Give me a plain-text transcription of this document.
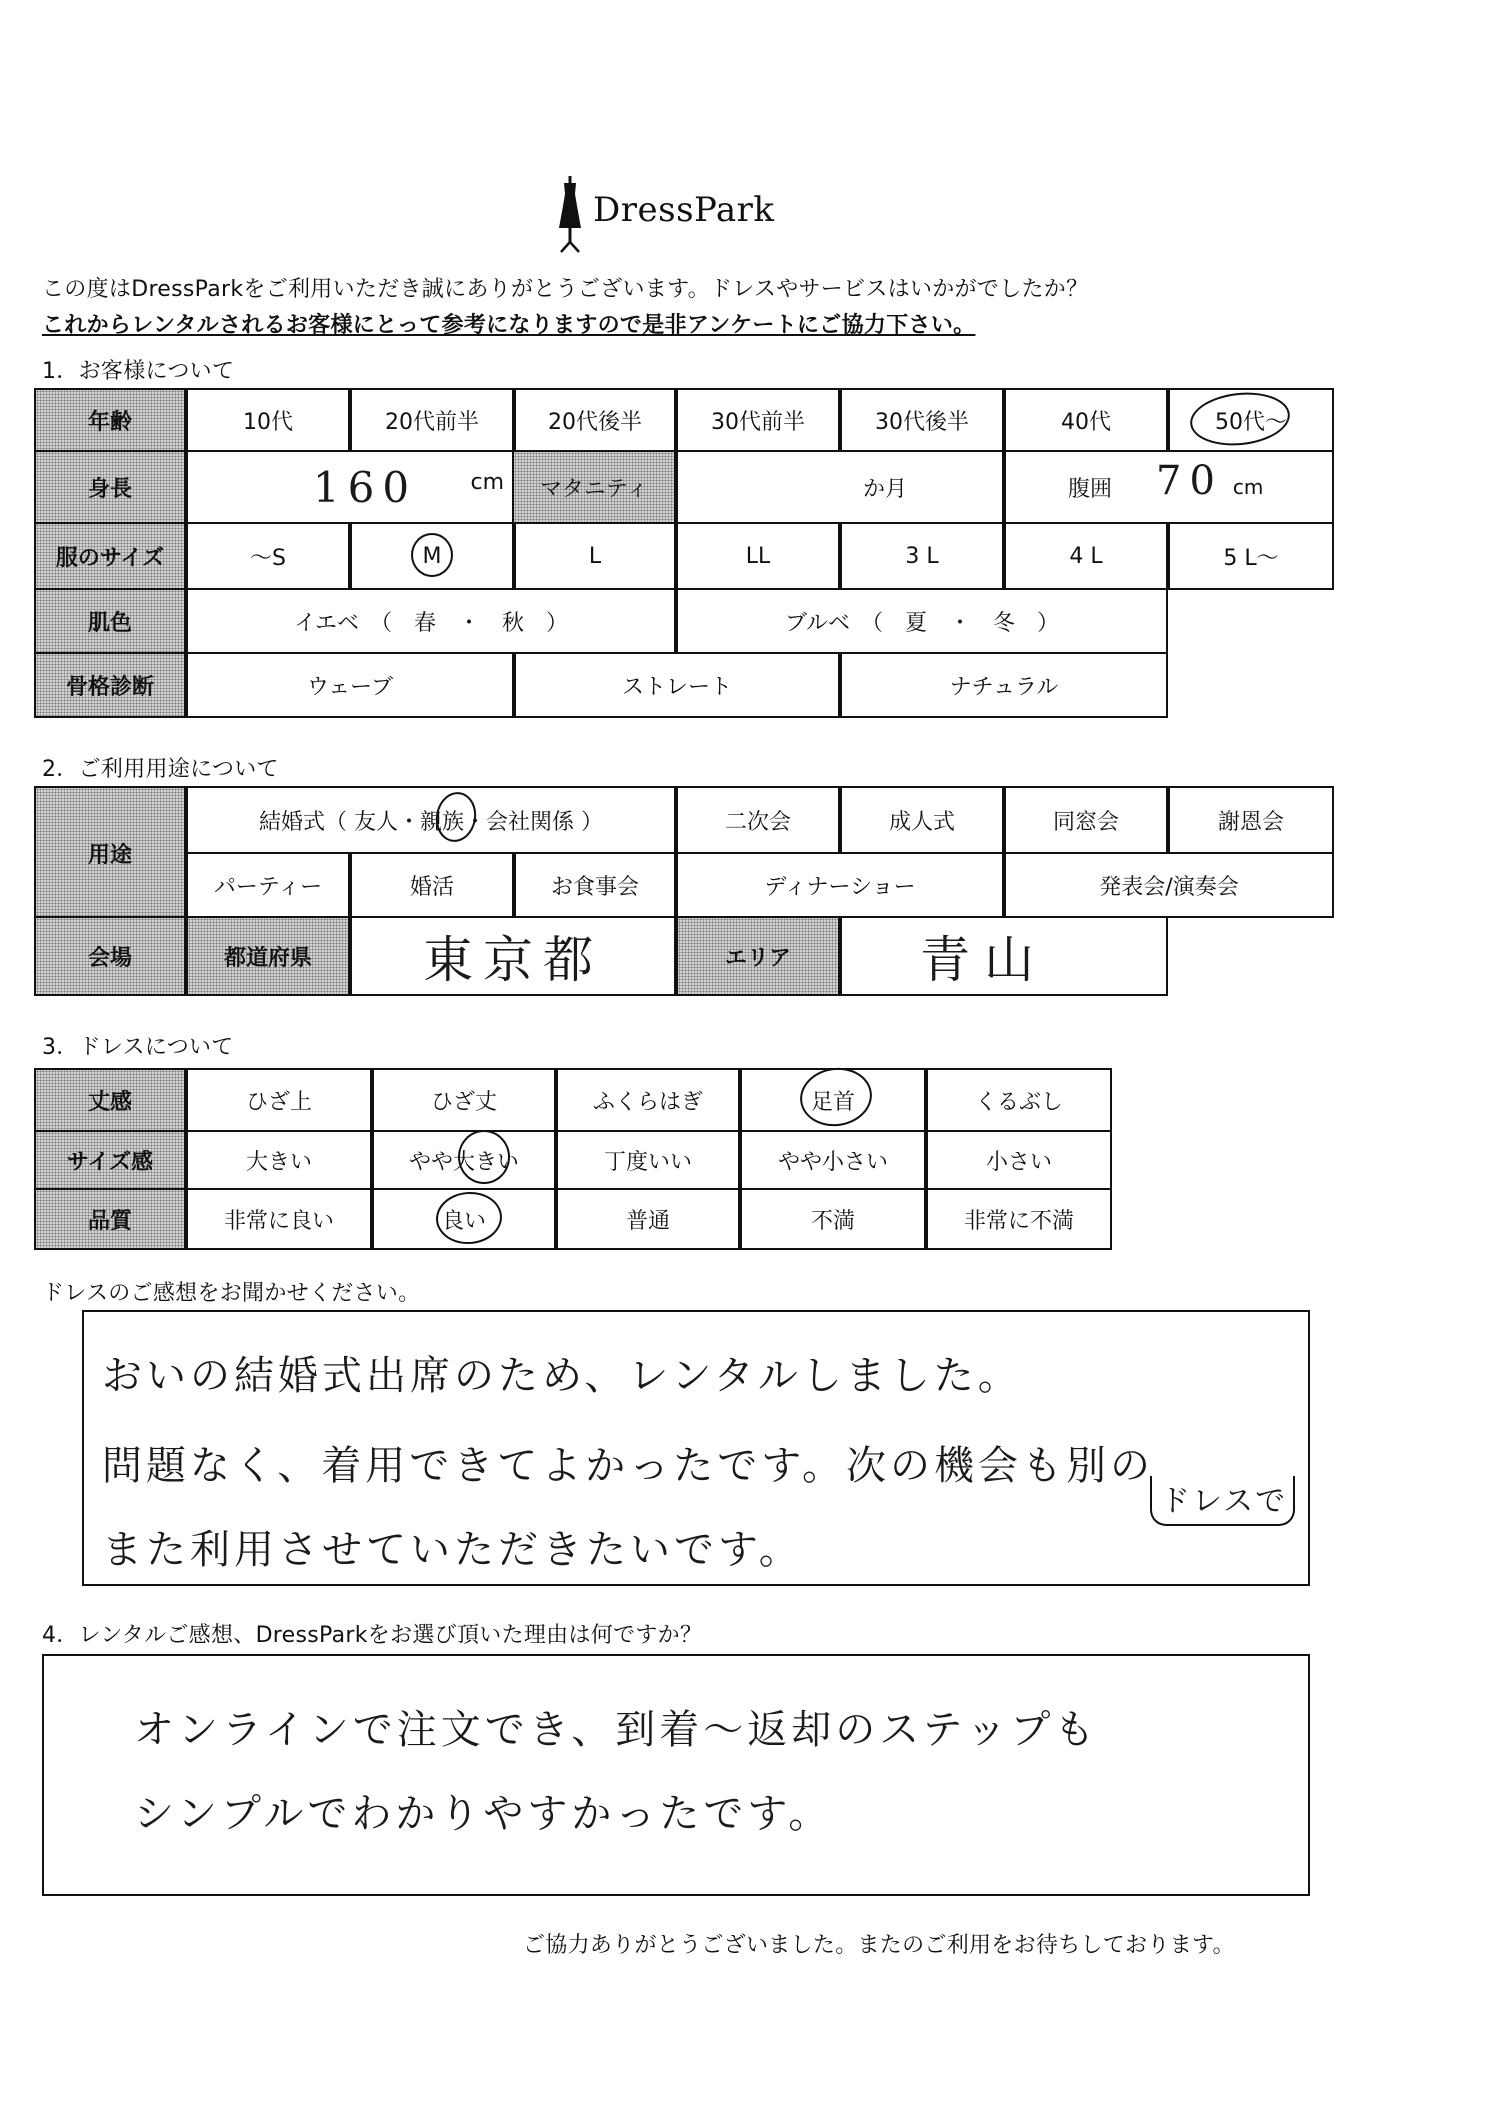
DressPark
この度はDressParkをご利用いただき誠にありがとうございます。ドレスやサービスはいかがでしたか？
これからレンタルされるお客様にとって参考になりますので是非アンケートにご協力下さい。
1．お客様について
年齢	10代	20代前半	20代後半	30代前半	30代後半	40代	50代〜
身長	160 cm	マタニティ	か月	腹囲 70 cm
服のサイズ	〜S	M	L	LL	3 L	4 L	5 L〜
肌色	イエベ　（　春　・　秋　）	ブルベ　（　夏　・　冬　）
骨格診断	ウェーブ	ストレート	ナチュラル
2．ご利用用途について
用途
結婚式（ 友人・親族・会社関係 ）	二次会	成人式	同窓会	謝恩会
パーティー	婚活	お食事会	ディナーショー	発表会/演奏会
会場	都道府県	東京都	エリア	青山
3．ドレスについて
丈感	ひざ上	ひざ丈	ふくらはぎ	足首	くるぶし
サイズ感	大きい	やや大きい	丁度いい	やや小さい	小さい
品質	非常に良い	良い	普通	不満	非常に不満
ドレスのご感想をお聞かせください。
おいの結婚式出席のため、レンタルしました。
問題なく、着用できてよかったです。次の機会も別の
また利用させていただきたいです。
ドレスで
4．レンタルご感想、DressParkをお選び頂いた理由は何ですか？
オンラインで注文でき、到着〜返却のステップも
シンプルでわかりやすかったです。
ご協力ありがとうございました。またのご利用をお待ちしております。
